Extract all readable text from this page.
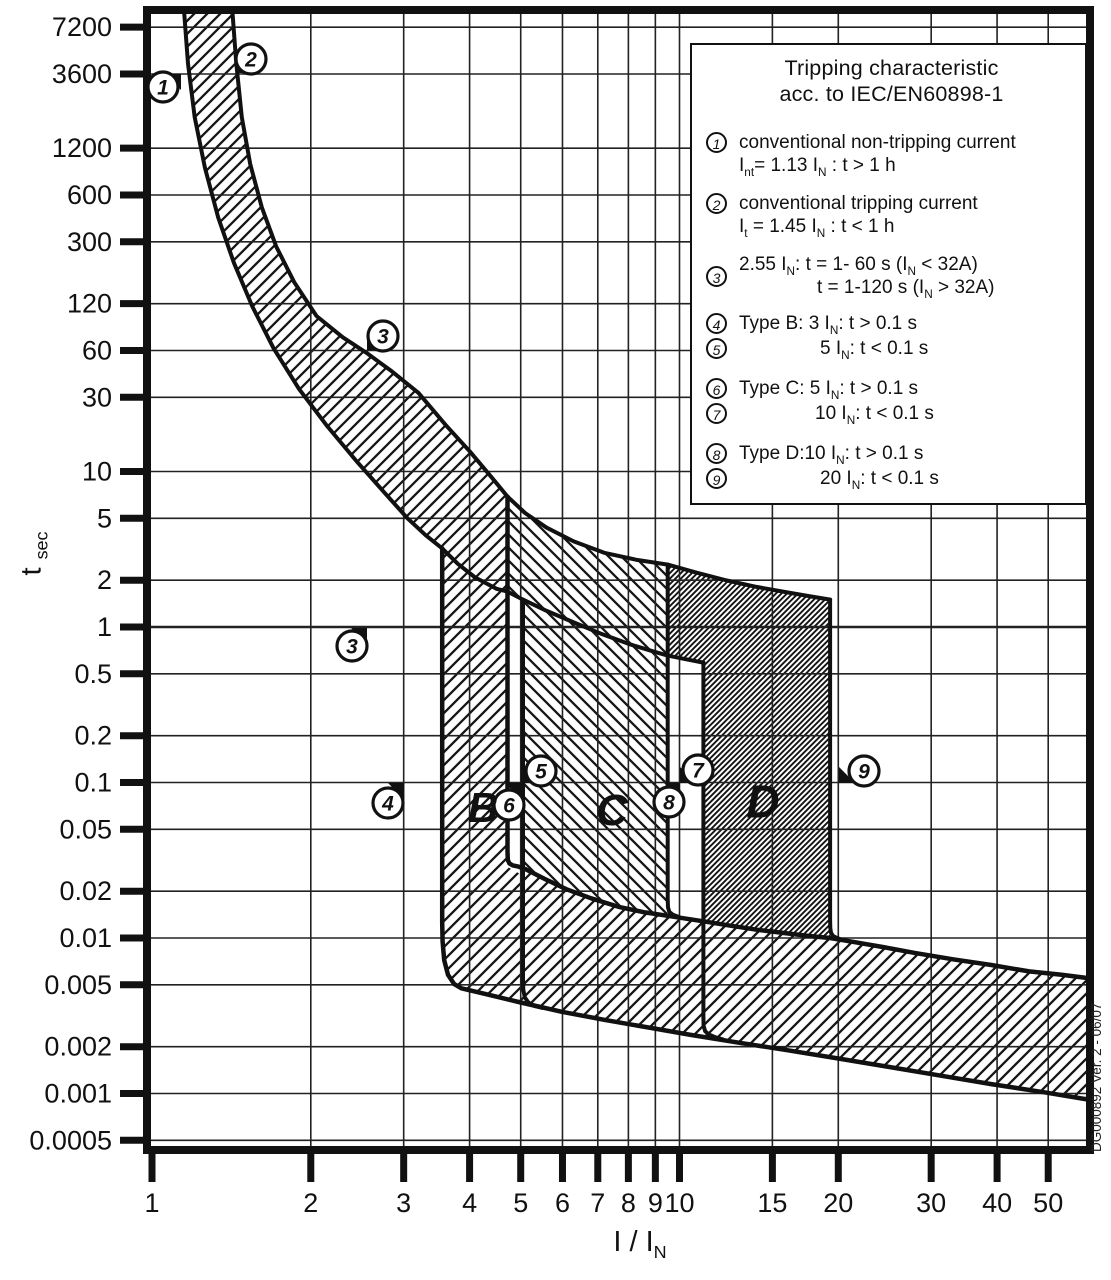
7200
3600
1200
600
300
120
60
30
10
5
2
1
0.5
0.2
0.1
0.05
0.02
0.01
0.005
0.002
0.001
0.0005
1	2	3 4 5 6 7 8 9 10 15 20 30 40 50
1
2
3
3
4
5
6
7
8
9
B C	D
Tripping characteristic
acc. to IEC/EN60898-1
1 conventional non-tripping current
$I_{nt}= 1.13$ $I_N$ : t > 1 h
2 conventional tripping current
$I_t = 1.45$ $I_N$ : t < 1 h
3
2.55 $I_N$: t = 1- 60 s $(I_N < 32A)$
t = 1-120 s $(I_N > 32A)$
4 Type B: 3 $I_N$: t > 0.1 s
5	5 $I_N$: t < 0.1 s
6 Type C: 5 $I_N$: t > 0.1 s
7	10 $I_N$: t < 0.1 s
8 Type D:10 $I_N$: t > 0.1 s
9	20 $I_N$: t < 0.1 s
t $_{sec}$
I / $I_N$
DG000892 Ver. 2 - 06/07
